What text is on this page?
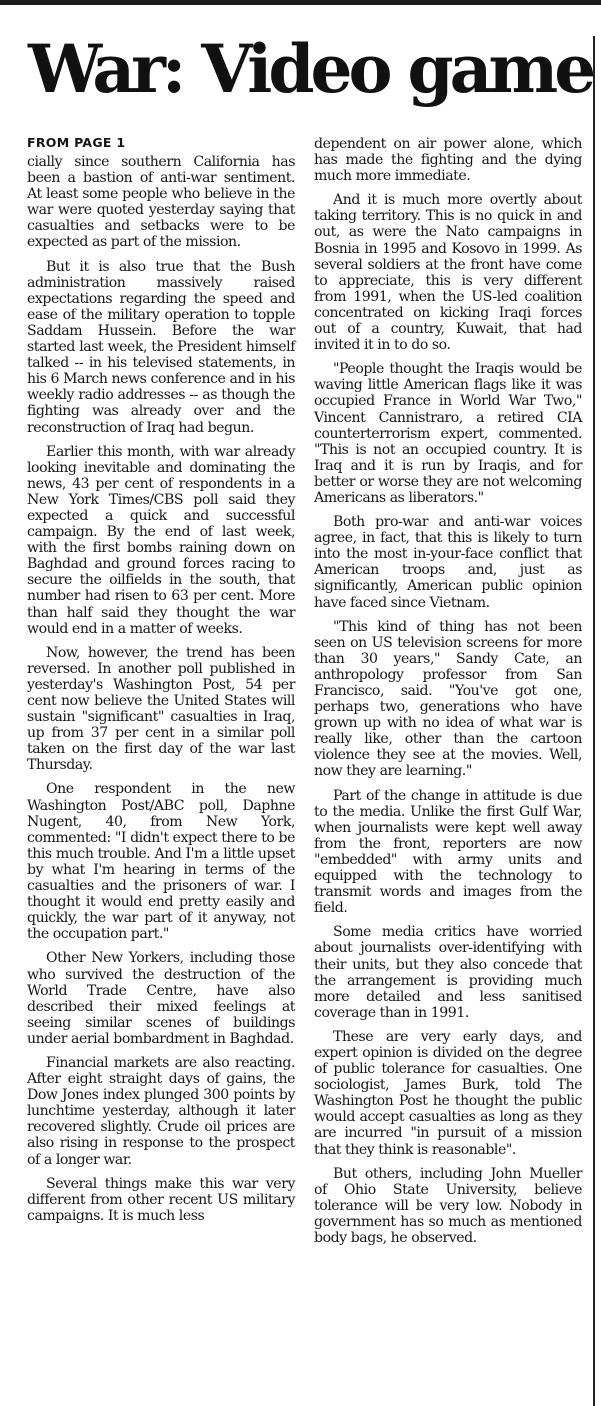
War: Video game

FROM PAGE 1

cially since southern California has been a bastion of anti-war sentiment. At least some people who believe in the war were quoted yesterday saying that casualties and setbacks were to be expected as part of the mission.

But it is also true that the Bush administration massively raised expectations regarding the speed and ease of the military operation to topple Saddam Hussein. Before the war started last week, the President himself talked -- in his televised statements, in his 6 March news conference and in his weekly radio addresses -- as though the fighting was already over and the reconstruction of Iraq had begun.

Earlier this month, with war already looking inevitable and dominating the news, 43 per cent of respondents in a New York Times/CBS poll said they expected a quick and successful campaign. By the end of last week, with the first bombs raining down on Baghdad and ground forces racing to secure the oilfields in the south, that number had risen to 63 per cent. More than half said they thought the war would end in a matter of weeks.

Now, however, the trend has been reversed. In another poll published in yesterday's Washington Post, 54 per cent now believe the United States will sustain "significant" casualties in Iraq, up from 37 per cent in a similar poll taken on the first day of the war last Thursday.

One respondent in the new Washington Post/ABC poll, Daphne Nugent, 40, from New York, commented: "I didn't expect there to be this much trouble. And I'm a little upset by what I'm hearing in terms of the casualties and the prisoners of war. I thought it would end pretty easily and quickly, the war part of it anyway, not the occupation part."

Other New Yorkers, including those who survived the destruction of the World Trade Centre, have also described their mixed feelings at seeing similar scenes of buildings under aerial bombardment in Baghdad.

Financial markets are also reacting. After eight straight days of gains, the Dow Jones index plunged 300 points by lunchtime yesterday, although it later recovered slightly. Crude oil prices are also rising in response to the prospect of a longer war.

Several things make this war very different from other recent US military campaigns. It is much less

dependent on air power alone, which has made the fighting and the dying much more immediate.

And it is much more overtly about taking territory. This is no quick in and out, as were the Nato campaigns in Bosnia in 1995 and Kosovo in 1999. As several soldiers at the front have come to appreciate, this is very different from 1991, when the US-led coalition concentrated on kicking Iraqi forces out of a country, Kuwait, that had invited it in to do so.

"People thought the Iraqis would be waving little American flags like it was occupied France in World War Two," Vincent Cannistraro, a retired CIA counterterrorism expert, commented. "This is not an occupied country. It is Iraq and it is run by Iraqis, and for better or worse they are not welcoming Americans as liberators."

Both pro-war and anti-war voices agree, in fact, that this is likely to turn into the most in-your-face conflict that American troops and, just as significantly, American public opinion have faced since Vietnam.

"This kind of thing has not been seen on US television screens for more than 30 years," Sandy Cate, an anthropology professor from San Francisco, said. "You've got one, perhaps two, generations who have grown up with no idea of what war is really like, other than the cartoon violence they see at the movies. Well, now they are learning."

Part of the change in attitude is due to the media. Unlike the first Gulf War, when journalists were kept well away from the front, reporters are now "embedded" with army units and equipped with the technology to transmit words and images from the field.

Some media critics have worried about journalists over-identifying with their units, but they also concede that the arrangement is providing much more detailed and less sanitised coverage than in 1991.

These are very early days, and expert opinion is divided on the degree of public tolerance for casualties. One sociologist, James Burk, told The Washington Post he thought the public would accept casualties as long as they are incurred "in pursuit of a mission that they think is reasonable".

But others, including John Mueller of Ohio State University, believe tolerance will be very low. Nobody in government has so much as mentioned body bags, he observed.
